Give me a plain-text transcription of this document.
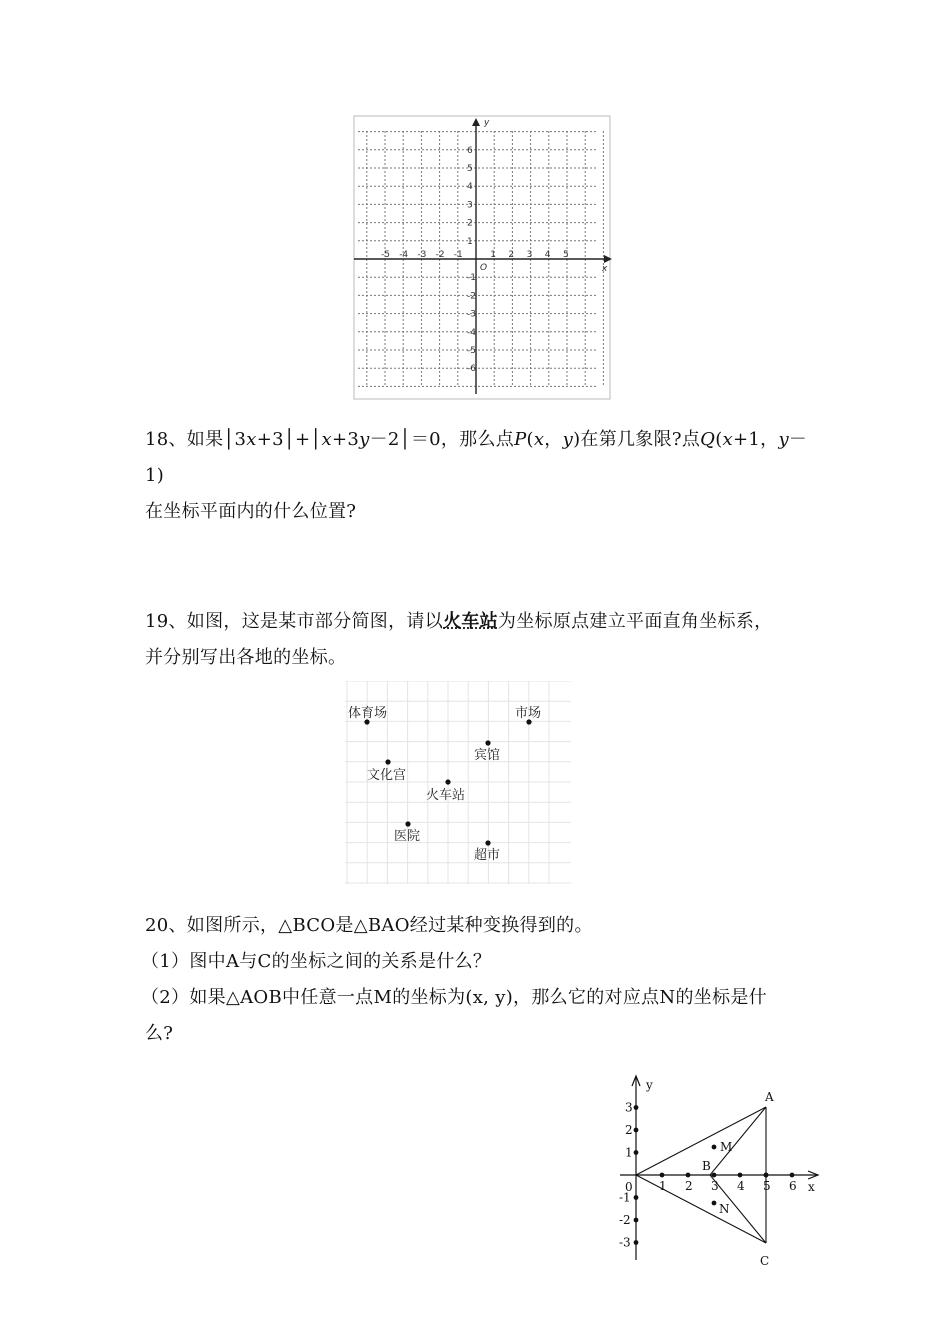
x
y
O
-5 -4 -3 -2 -1	1 2 3 4 5
6
5
4
3
2
1
-1
-2
-3
-4
-5
-6
18、如果│3x+3│+│x+3y－2│＝0，那么点P(x，y)在第几象限?点Q(x+1，y－1)
在坐标平面内的什么位置?
19、如图，这是某市部分简图，请以火车站为坐标原点建立平面直角坐标系，
并分别写出各地的坐标。
体育场	市场
宾馆
文化宫
火车站
医院
超市
20、如图所示，△BCO是△BAO经过某种变换得到的。
（1）图中A与C的坐标之间的关系是什么？
（2）如果△AOB中任意一点M的坐标为(x, y)，那么它的对应点N的坐标是什
么?
y
x
0 1 2 3 4 5 6
3
2
1
-1
-2
-3
A
B
C
M
N
